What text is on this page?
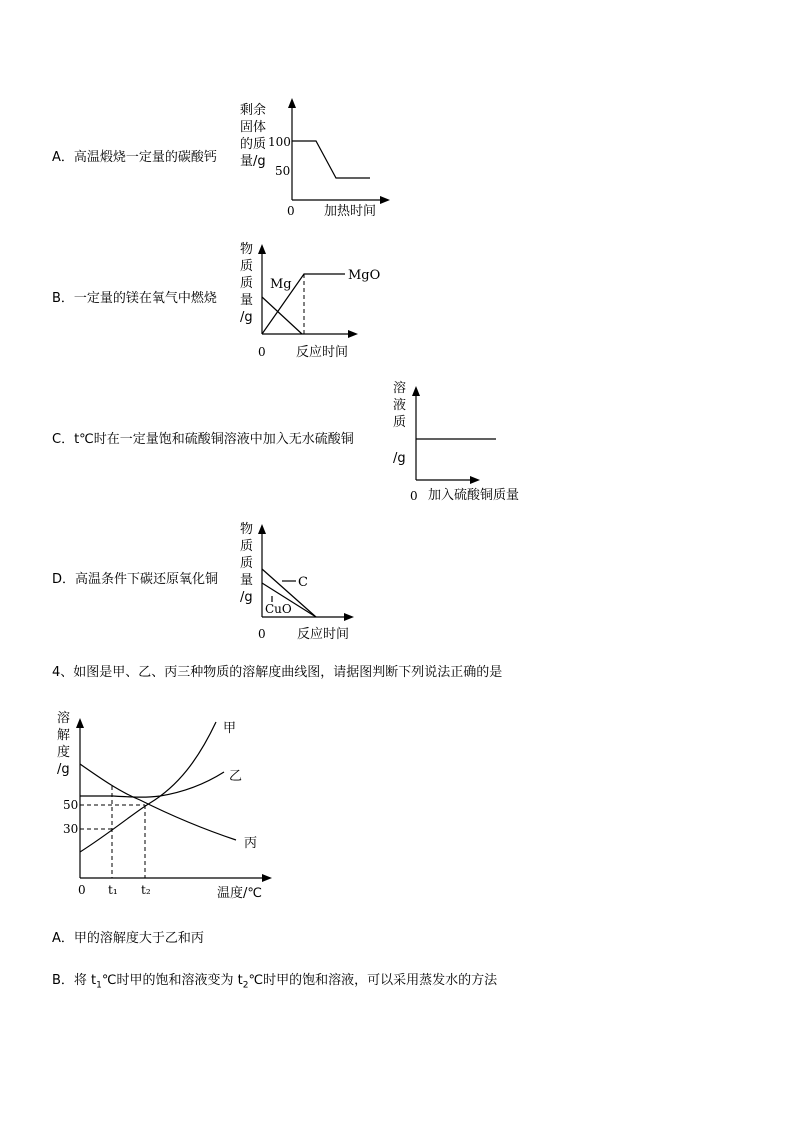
A．高温煅烧一定量的碳酸钙
剩余
固体
的质
量/g
100
50
0 加热时间
B．一定量的镁在氧气中燃烧
物
质
质
量
/g
Mg
MgO
0 反应时间
C．t℃时在一定量饱和硫酸铜溶液中加入无水硫酸铜
溶
液
质
/g
0 加入硫酸铜质量
D．高温条件下碳还原氧化铜
物
质
质
量
/g
C
CuO
0 反应时间
4、如图是甲、乙、丙三种物质的溶解度曲线图，请据图判断下列说法正确的是
溶
解
度
/g
50
30
0 t₁ t₂	温度/℃
甲
乙
丙
A．甲的溶解度大于乙和丙
B．将 $t_1℃$时甲的饱和溶液变为 $t_2℃$时甲的饱和溶液，可以采用蒸发水的方法
